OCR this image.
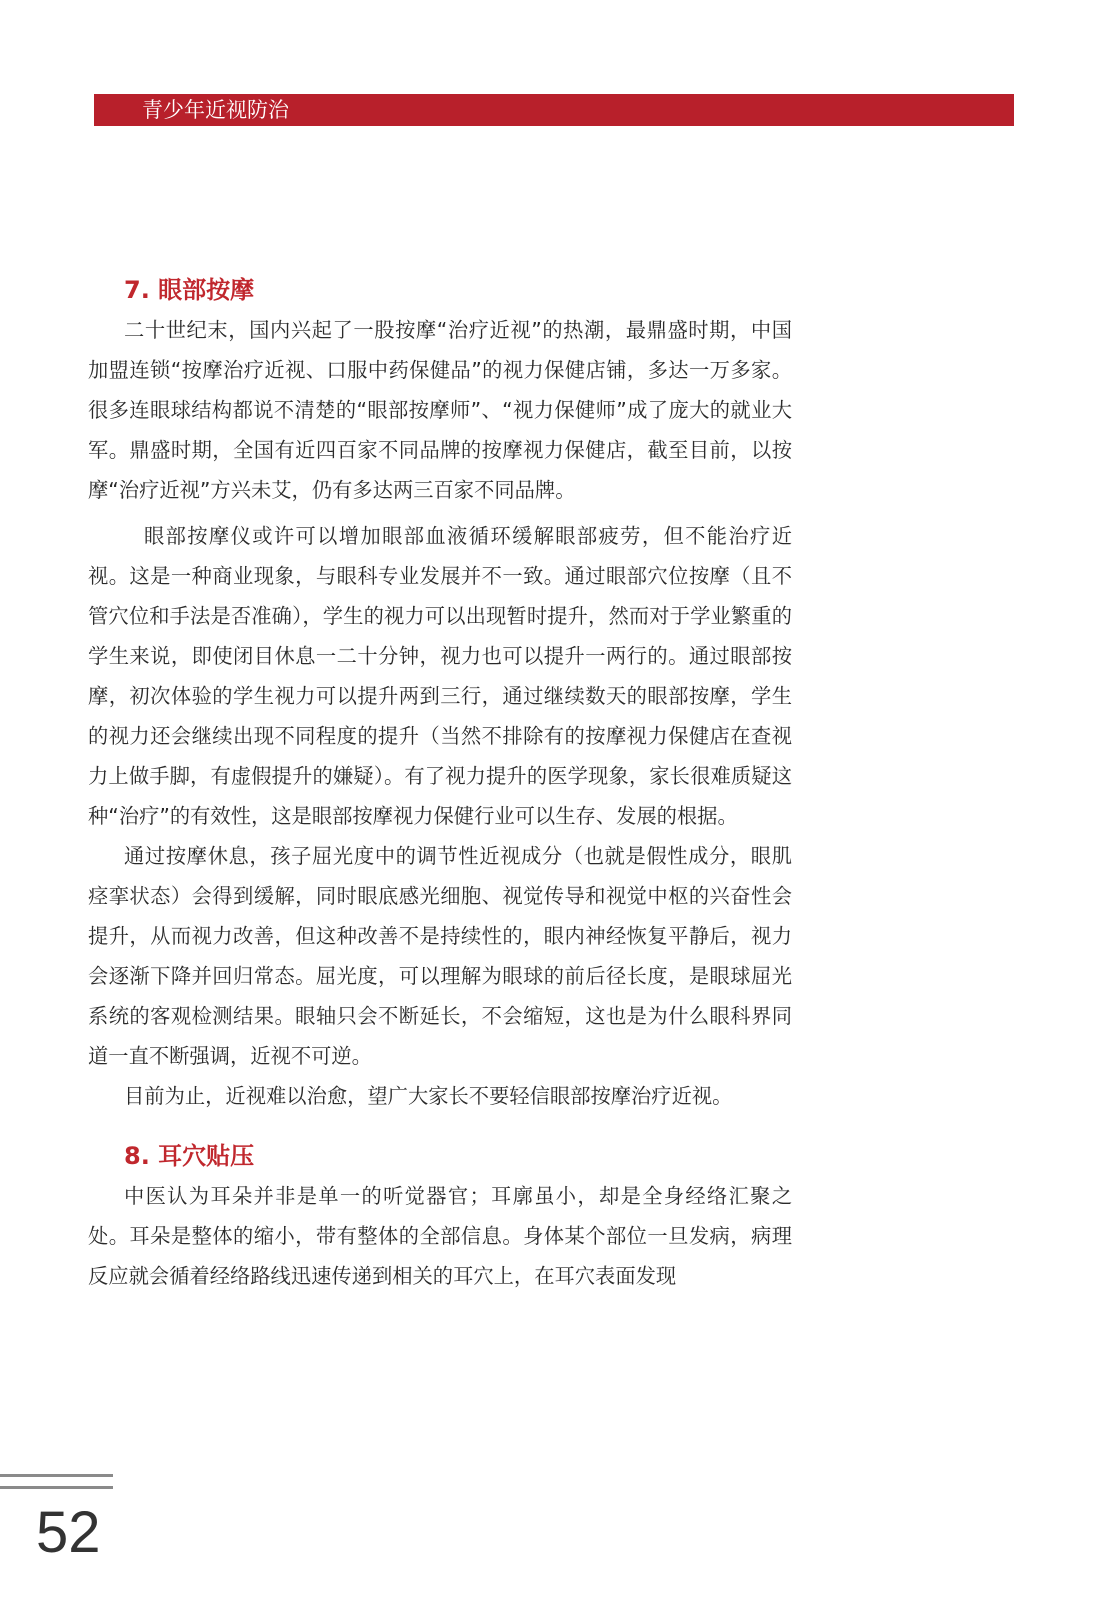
青少年近视防治
7. 眼部按摩

二十世纪末，国内兴起了一股按摩“治疗近视”的热潮，最鼎盛时期，中国加盟连锁“按摩治疗近视、口服中药保健品”的视力保健店铺，多达一万多家。很多连眼球结构都说不清楚的“眼部按摩师”、“视力保健师”成了庞大的就业大军。鼎盛时期，全国有近四百家不同品牌的按摩视力保健店，截至目前，以按摩“治疗近视”方兴未艾，仍有多达两三百家不同品牌。

眼部按摩仪或许可以增加眼部血液循环缓解眼部疲劳，但不能治疗近视。这是一种商业现象，与眼科专业发展并不一致。通过眼部穴位按摩（且不管穴位和手法是否准确），学生的视力可以出现暂时提升，然而对于学业繁重的学生来说，即使闭目休息一二十分钟，视力也可以提升一两行的。通过眼部按摩，初次体验的学生视力可以提升两到三行，通过继续数天的眼部按摩，学生的视力还会继续出现不同程度的提升（当然不排除有的按摩视力保健店在查视力上做手脚，有虚假提升的嫌疑）。有了视力提升的医学现象，家长很难质疑这种“治疗”的有效性，这是眼部按摩视力保健行业可以生存、发展的根据。

通过按摩休息，孩子屈光度中的调节性近视成分（也就是假性成分，眼肌痉挛状态）会得到缓解，同时眼底感光细胞、视觉传导和视觉中枢的兴奋性会提升，从而视力改善，但这种改善不是持续性的，眼内神经恢复平静后，视力会逐渐下降并回归常态。屈光度，可以理解为眼球的前后径长度，是眼球屈光系统的客观检测结果。眼轴只会不断延长，不会缩短，这也是为什么眼科界同道一直不断强调，近视不可逆。

目前为止，近视难以治愈，望广大家长不要轻信眼部按摩治疗近视。

8. 耳穴贴压

中医认为耳朵并非是单一的听觉器官；耳廓虽小，却是全身经络汇聚之处。耳朵是整体的缩小，带有整体的全部信息。身体某个部位一旦发病，病理反应就会循着经络路线迅速传递到相关的耳穴上，在耳穴表面发现

52
